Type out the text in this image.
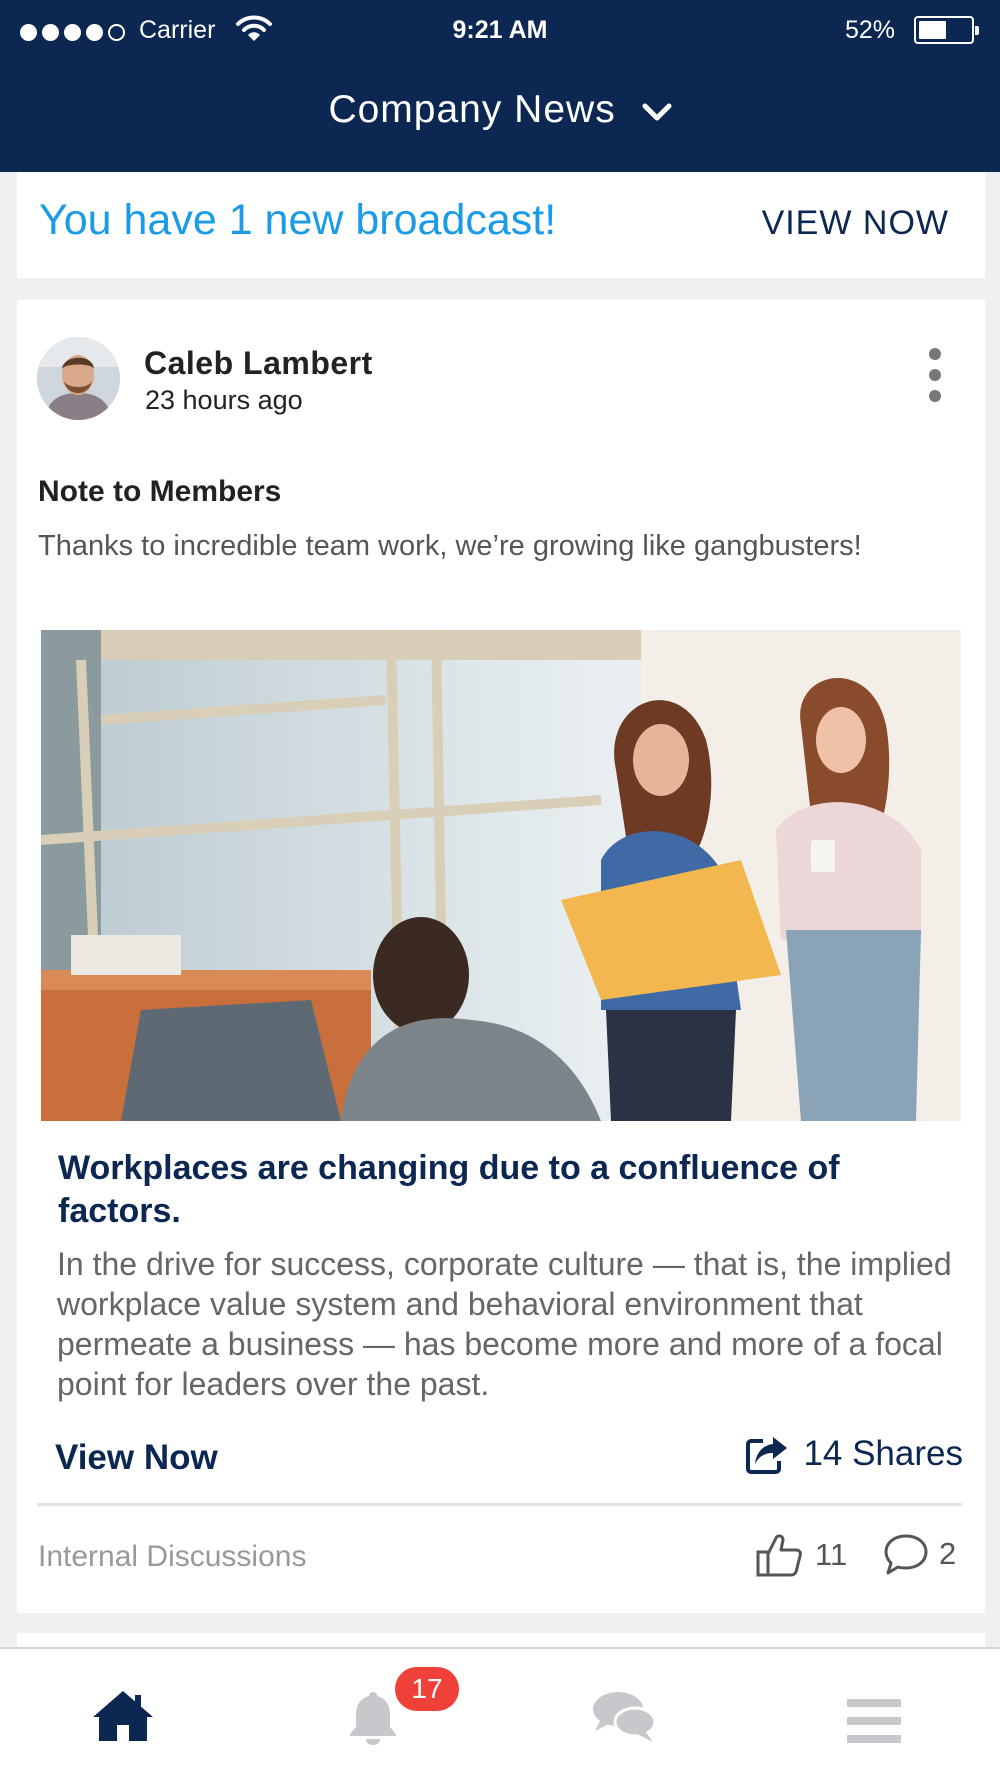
Carrier	9:21 AM	52%
Company News
You have 1 new broadcast!	VIEW NOW
Caleb Lambert
23 hours ago
Note to Members
Thanks to incredible team work, we’re growing like gangbusters!
Workplaces are changing due to a confluence of factors.
In the drive for success, corporate culture — that is, the implied workplace value system and behavioral environment that permeate a business — has become more and more of a focal point for leaders over the past.
View Now	14 Shares
Internal Discussions	11	2
17
